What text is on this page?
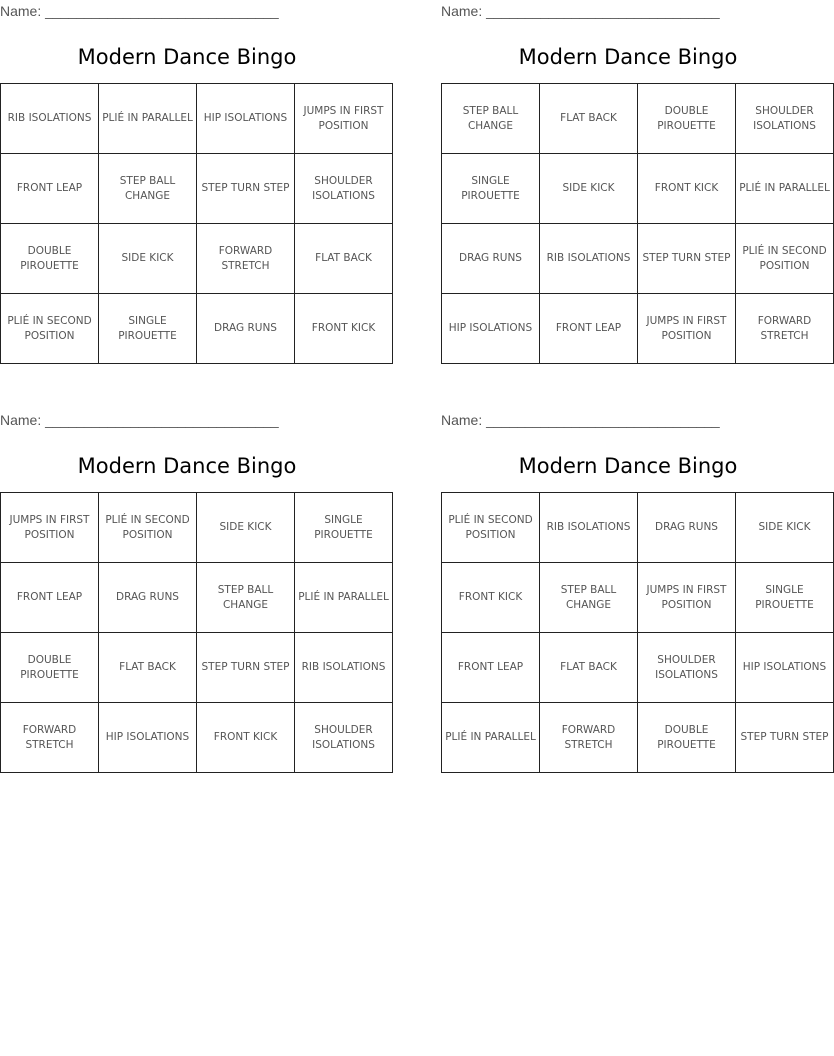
Name: ______________________________
Modern Dance Bingo
RIB ISOLATIONS	PLIÉ IN PARALLEL	HIP ISOLATIONS	JUMPS IN FIRST POSITION
FRONT LEAP	STEP BALL CHANGE	STEP TURN STEP	SHOULDER ISOLATIONS
DOUBLE PIROUETTE	SIDE KICK	FORWARD STRETCH	FLAT BACK
PLIÉ IN SECOND POSITION	SINGLE PIROUETTE	DRAG RUNS	FRONT KICK
Name: ______________________________
Modern Dance Bingo
STEP BALL CHANGE	FLAT BACK	DOUBLE PIROUETTE	SHOULDER ISOLATIONS
SINGLE PIROUETTE	SIDE KICK	FRONT KICK	PLIÉ IN PARALLEL
DRAG RUNS	RIB ISOLATIONS	STEP TURN STEP	PLIÉ IN SECOND POSITION
HIP ISOLATIONS	FRONT LEAP	JUMPS IN FIRST POSITION	FORWARD STRETCH
Name: ______________________________
Modern Dance Bingo
JUMPS IN FIRST POSITION	PLIÉ IN SECOND POSITION	SIDE KICK	SINGLE PIROUETTE
FRONT LEAP	DRAG RUNS	STEP BALL CHANGE	PLIÉ IN PARALLEL
DOUBLE PIROUETTE	FLAT BACK	STEP TURN STEP	RIB ISOLATIONS
FORWARD STRETCH	HIP ISOLATIONS	FRONT KICK	SHOULDER ISOLATIONS
Name: ______________________________
Modern Dance Bingo
PLIÉ IN SECOND POSITION	RIB ISOLATIONS	DRAG RUNS	SIDE KICK
FRONT KICK	STEP BALL CHANGE	JUMPS IN FIRST POSITION	SINGLE PIROUETTE
FRONT LEAP	FLAT BACK	SHOULDER ISOLATIONS	HIP ISOLATIONS
PLIÉ IN PARALLEL	FORWARD STRETCH	DOUBLE PIROUETTE	STEP TURN STEP
